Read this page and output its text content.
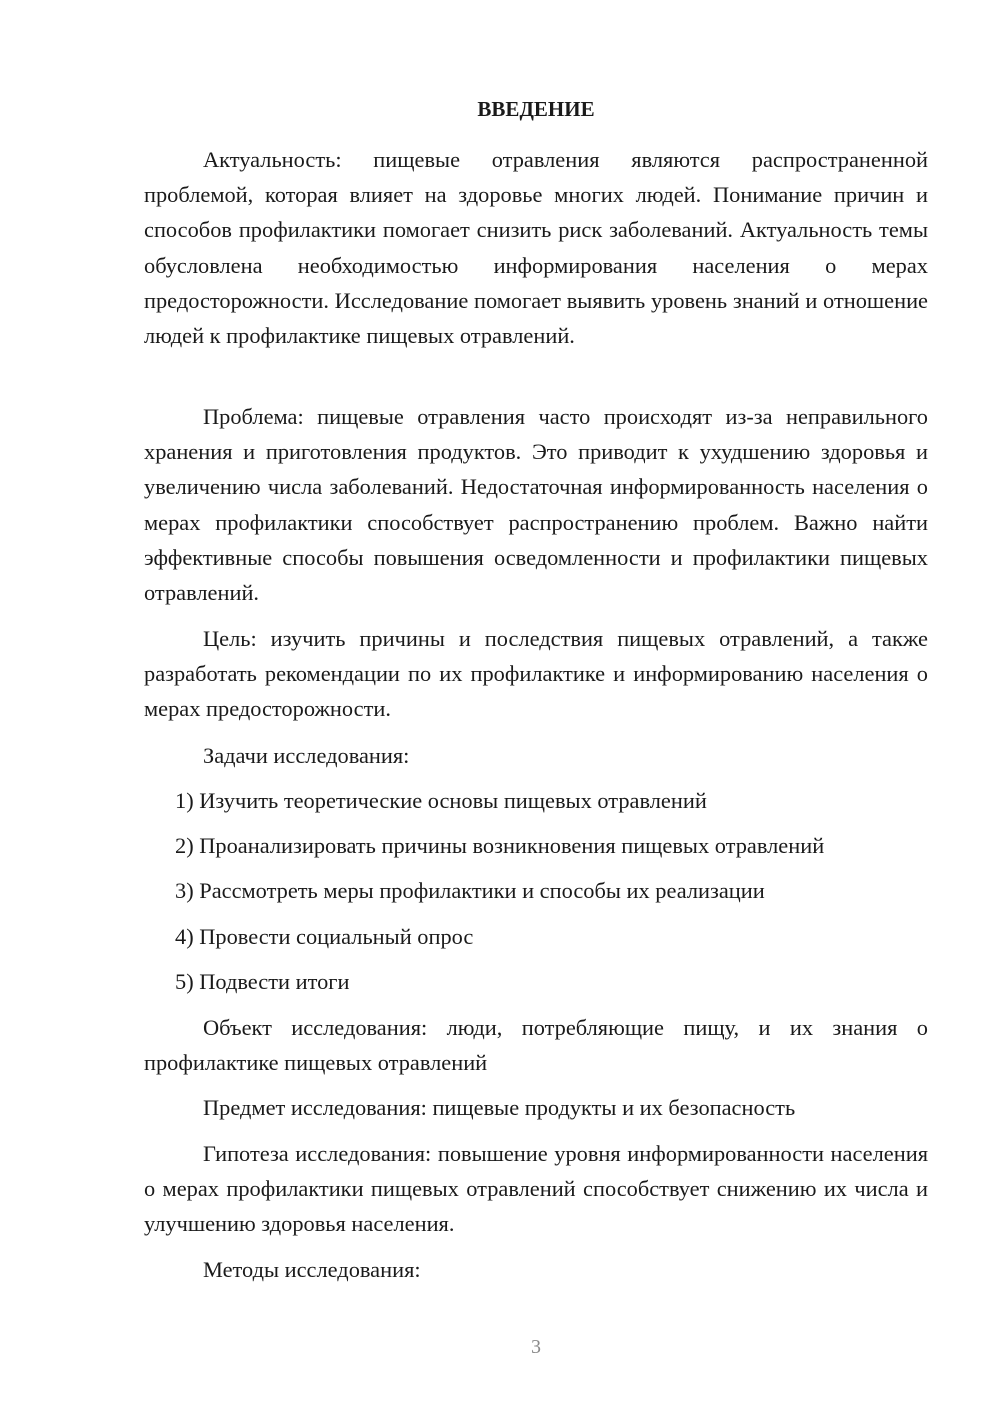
ВВЕДЕНИЕ

Актуальность: пищевые отравления являются распространенной проблемой, которая влияет на здоровье многих людей. Понимание причин и способов профилактики помогает снизить риск заболеваний. Актуальность темы обусловлена необходимостью информирования населения о мерах предосторожности. Исследование помогает выявить уровень знаний и отношение людей к профилактике пищевых отравлений.

Проблема: пищевые отравления часто происходят из-за неправильного хранения и приготовления продуктов. Это приводит к ухудшению здоровья и увеличению числа заболеваний. Недостаточная информированность населения о мерах профилактики способствует распространению проблем. Важно найти эффективные способы повышения осведомленности и профилактики пищевых отравлений.

Цель: изучить причины и последствия пищевых отравлений, а также разработать рекомендации по их профилактике и информированию населения о мерах предосторожности.

Задачи исследования:

1) Изучить теоретические основы пищевых отравлений

2) Проанализировать причины возникновения пищевых отравлений

3) Рассмотреть меры профилактики и способы их реализации

4) Провести социальный опрос

5) Подвести итоги

Объект исследования: люди, потребляющие пищу, и их знания о профилактике пищевых отравлений

Предмет исследования: пищевые продукты и их безопасность

Гипотеза исследования: повышение уровня информированности населения о мерах профилактики пищевых отравлений способствует снижению их числа и улучшению здоровья населения.

Методы исследования:

3
